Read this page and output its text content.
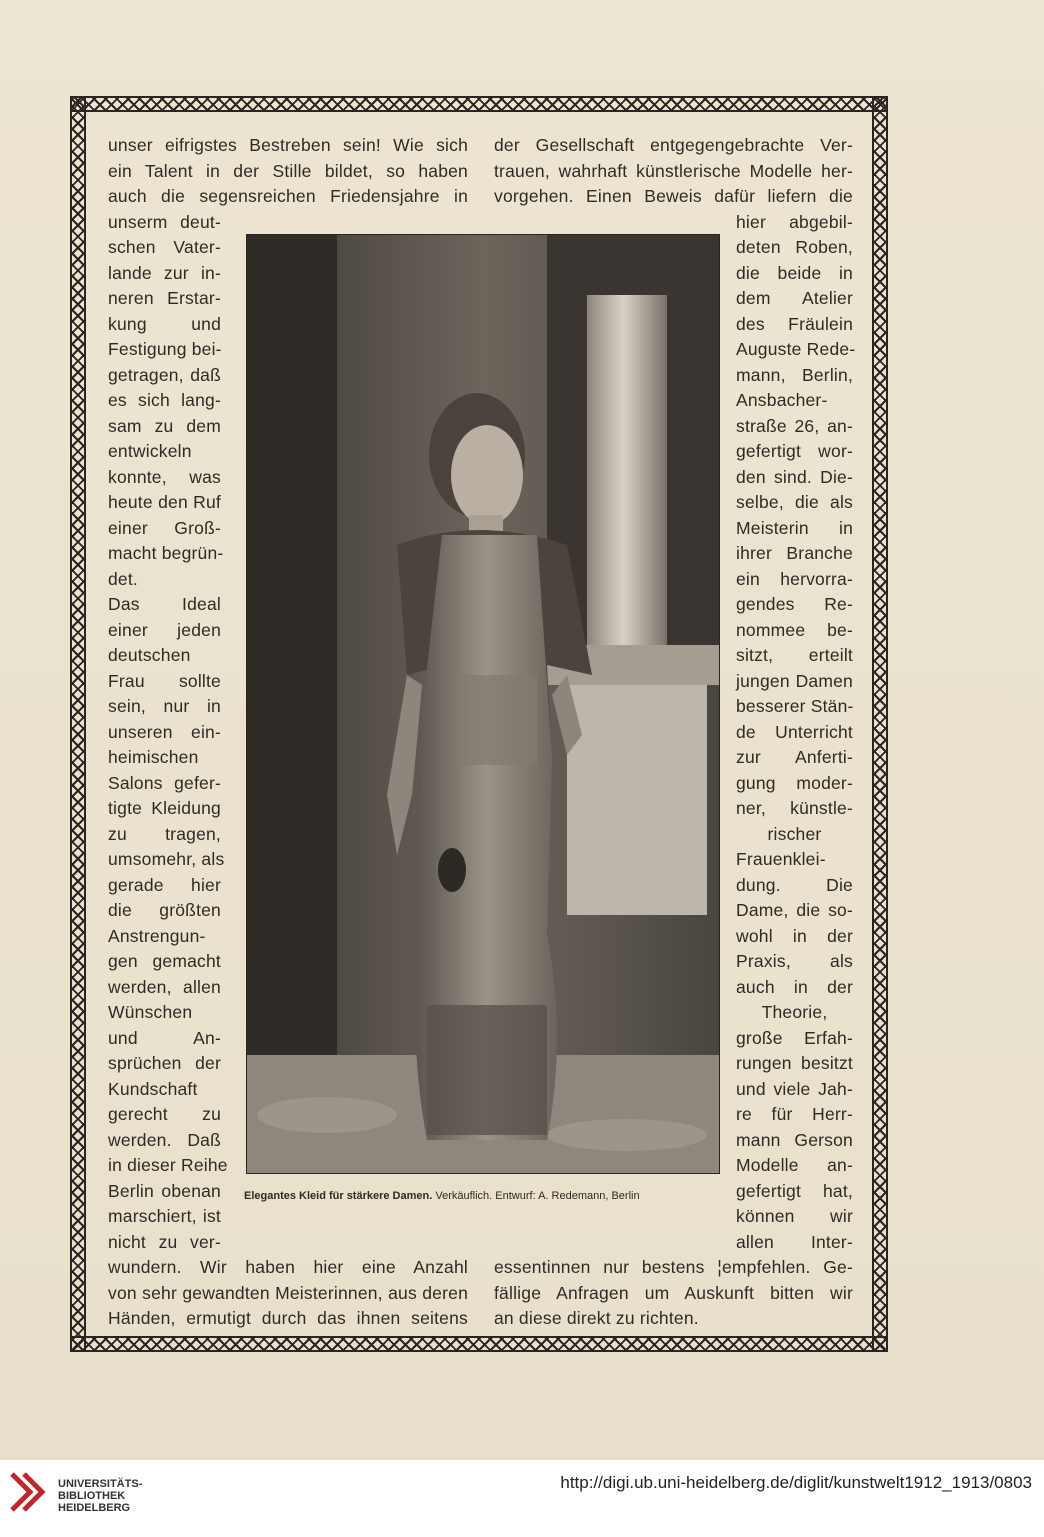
unser eifrigstes Bestreben sein! Wie sich
ein Talent in der Stille bildet, so haben
auch die segensreichen Friedensjahre in
der Gesellschaft entgegengebrachte Ver-
trauen, wahrhaft künstlerische Modelle her-
vorgehen. Einen Beweis dafür liefern die
unserm deut-
schen Vater-
lande zur in-
neren Erstar-
kung und
Festigung bei-
getragen, daß
es sich lang-
sam zu dem
entwickeln
konnte, was
heute den Ruf
einer Groß-
macht begrün-
det.
Das Ideal
einer jeden
deutschen
Frau sollte
sein, nur in
unseren ein-
heimischen
Salons gefer-
tigte Kleidung
zu tragen,
umsomehr, als
gerade hier
die größten
Anstrengun-
gen gemacht
werden, allen
Wünschen
und An-
sprüchen der
Kundschaft
gerecht zu
werden. Daß
in dieser Reihe
Berlin obenan
marschiert, ist
nicht zu ver-
hier abgebil-
deten Roben,
die beide in
dem Atelier
des Fräulein
Auguste Rede-
mann, Berlin,
Ansbacher-
straße 26, an-
gefertigt wor-
den sind. Die-
selbe, die als
Meisterin in
ihrer Branche
ein hervorra-
gendes Re-
nommee be-
sitzt, erteilt
jungen Damen
besserer Stän-
de Unterricht
zur Anferti-
gung moder-
ner, künstle-
rischer
Frauenklei-
dung. Die
Dame, die so-
wohl in der
Praxis, als
auch in der
Theorie,
große Erfah-
rungen besitzt
und viele Jah-
re für Herr-
mann Gerson
Modelle an-
gefertigt hat,
können wir
allen Inter-
wundern. Wir haben hier eine Anzahl
von sehr gewandten Meisterinnen, aus deren
Händen, ermutigt durch das ihnen seitens
essentinnen nur bestens ¦empfehlen. Ge-
fällige Anfragen um Auskunft bitten wir
an diese direkt zu richten.
Elegantes Kleid für stärkere Damen. Verkäuflich. Entwurf: A. Redemann, Berlin
UNIVERSITÄTS-
BIBLIOTHEK
HEIDELBERG
http://digi.ub.uni-heidelberg.de/diglit/kunstwelt1912_1913/0803
